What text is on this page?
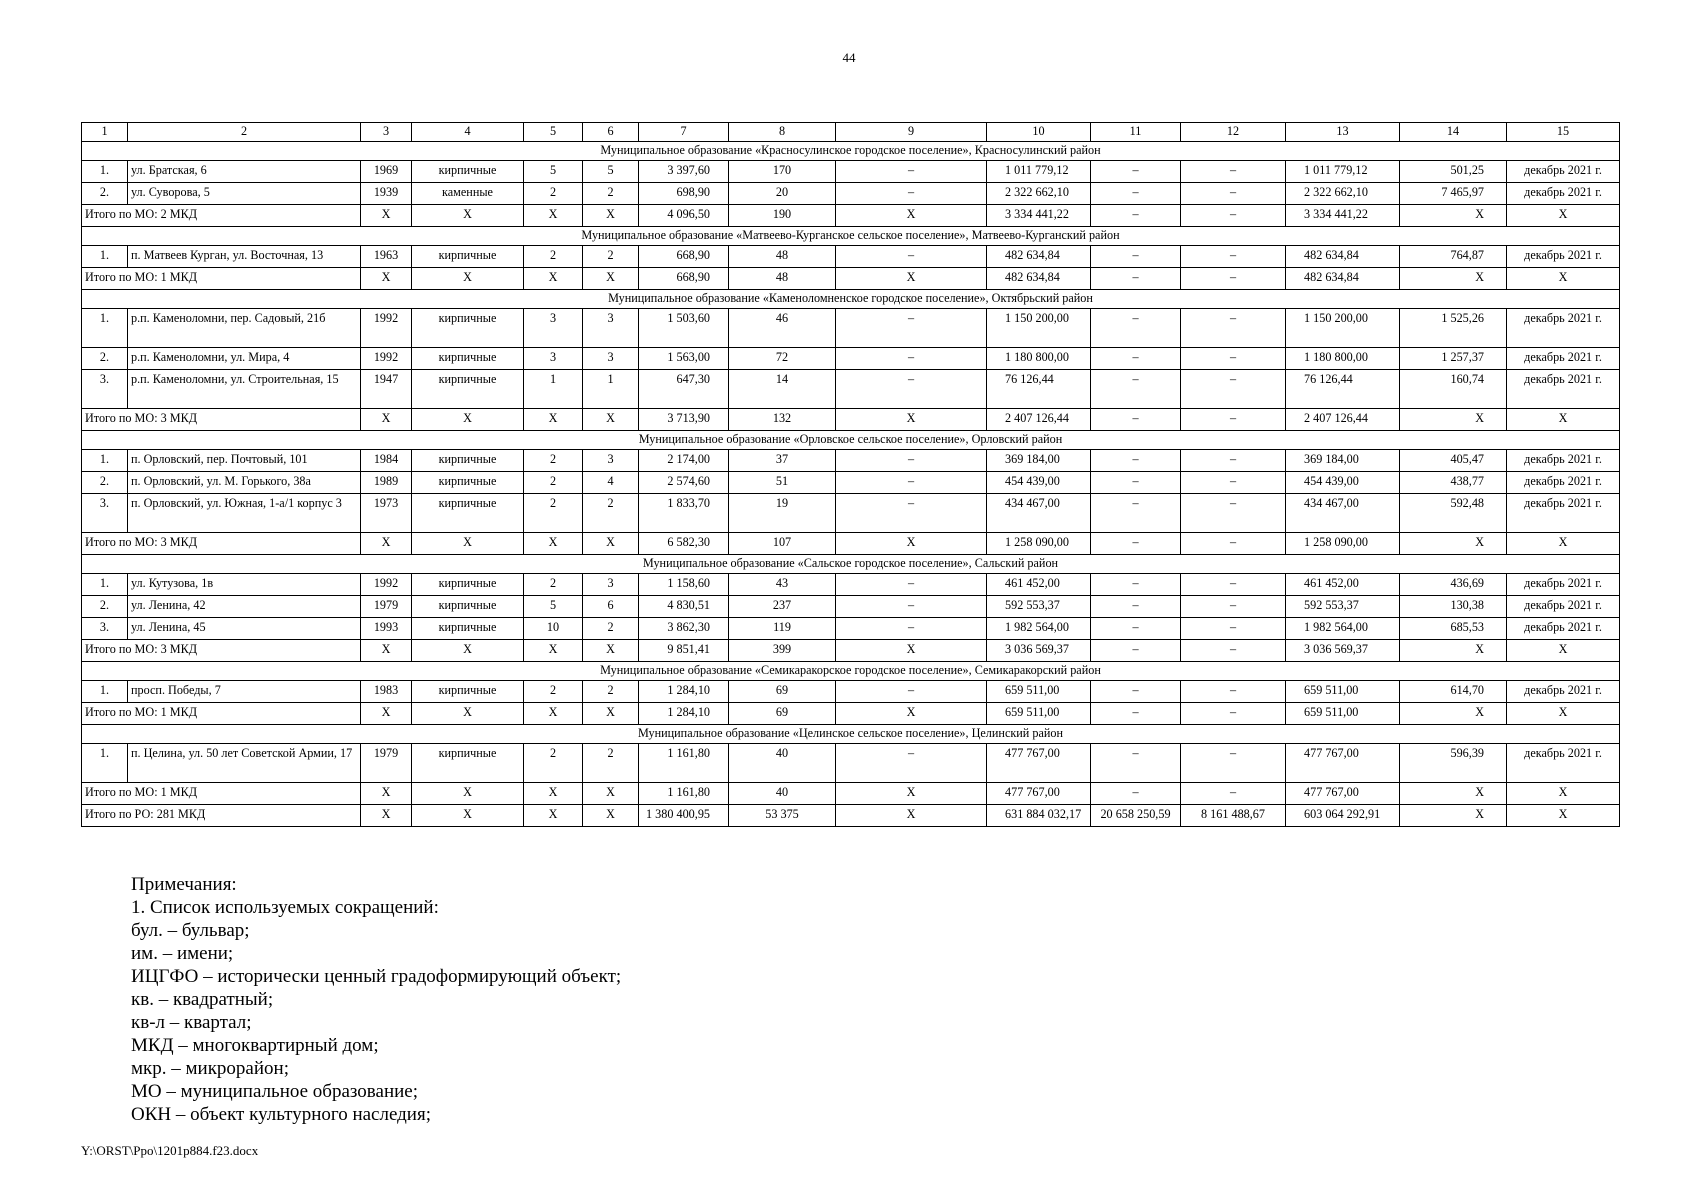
44
1	2	3	4	5	6	7	8	9	10	11	12	13	14	15
Муниципальное образование «Красносулинское городское поселение», Красносулинский район														
1.	ул. Братская, 6	1969	кирпичные	5	5	3 397,60	170	–	1 011 779,12	–	–	1 011 779,12	501,25	декабрь 2021 г.
2.	ул. Суворова, 5	1939	каменные	2	2	698,90	20	–	2 322 662,10	–	–	2 322 662,10	7 465,97	декабрь 2021 г.
Итого по МО: 2 МКД		X	X	X	X	4 096,50	190	X	3 334 441,22	–	–	3 334 441,22	X	X
Муниципальное образование «Матвеево-Курганское сельское поселение», Матвеево-Курганский район														
1.	п. Матвеев Курган, ул. Восточная, 13	1963	кирпичные	2	2	668,90	48	–	482 634,84	–	–	482 634,84	764,87	декабрь 2021 г.
Итого по МО: 1 МКД		X	X	X	X	668,90	48	X	482 634,84	–	–	482 634,84	X	X
Муниципальное образование «Каменоломненское городское поселение», Октябрьский район														
1.	р.п. Каменоломни, пер. Садовый, 21б	1992	кирпичные	3	3	1 503,60	46	–	1 150 200,00	–	–	1 150 200,00	1 525,26	декабрь 2021 г.
2.	р.п. Каменоломни, ул. Мира, 4	1992	кирпичные	3	3	1 563,00	72	–	1 180 800,00	–	–	1 180 800,00	1 257,37	декабрь 2021 г.
3.	р.п. Каменоломни, ул. Строительная, 15	1947	кирпичные	1	1	647,30	14	–	76 126,44	–	–	76 126,44	160,74	декабрь 2021 г.
Итого по МО: 3 МКД		X	X	X	X	3 713,90	132	X	2 407 126,44	–	–	2 407 126,44	X	X
Муниципальное образование «Орловское сельское поселение», Орловский район														
1.	п. Орловский, пер. Почтовый, 101	1984	кирпичные	2	3	2 174,00	37	–	369 184,00	–	–	369 184,00	405,47	декабрь 2021 г.
2.	п. Орловский, ул. М. Горького, 38а	1989	кирпичные	2	4	2 574,60	51	–	454 439,00	–	–	454 439,00	438,77	декабрь 2021 г.
3.	п. Орловский, ул. Южная, 1-а/1 корпус 3	1973	кирпичные	2	2	1 833,70	19	–	434 467,00	–	–	434 467,00	592,48	декабрь 2021 г.
Итого по МО: 3 МКД		X	X	X	X	6 582,30	107	X	1 258 090,00	–	–	1 258 090,00	X	X
Муниципальное образование «Сальское городское поселение», Сальский район														
1.	ул. Кутузова, 1в	1992	кирпичные	2	3	1 158,60	43	–	461 452,00	–	–	461 452,00	436,69	декабрь 2021 г.
2.	ул. Ленина, 42	1979	кирпичные	5	6	4 830,51	237	–	592 553,37	–	–	592 553,37	130,38	декабрь 2021 г.
3.	ул. Ленина, 45	1993	кирпичные	10	2	3 862,30	119	–	1 982 564,00	–	–	1 982 564,00	685,53	декабрь 2021 г.
Итого по МО: 3 МКД		X	X	X	X	9 851,41	399	X	3 036 569,37	–	–	3 036 569,37	X	X
Муниципальное образование «Семикаракорское городское поселение», Семикаракорский район														
1.	просп. Победы, 7	1983	кирпичные	2	2	1 284,10	69	–	659 511,00	–	–	659 511,00	614,70	декабрь 2021 г.
Итого по МО: 1 МКД		X	X	X	X	1 284,10	69	X	659 511,00	–	–	659 511,00	X	X
Муниципальное образование «Целинское сельское поселение», Целинский район														
1.	п. Целина, ул. 50 лет Советской Армии, 17	1979	кирпичные	2	2	1 161,80	40	–	477 767,00	–	–	477 767,00	596,39	декабрь 2021 г.
Итого по МО: 1 МКД		X	X	X	X	1 161,80	40	X	477 767,00	–	–	477 767,00	X	X
Итого по РО: 281 МКД		X	X	X	X	1 380 400,95	53 375	X	631 884 032,17	20 658 250,59	8 161 488,67	603 064 292,91	X	X
Примечания:
1. Список используемых сокращений:
бул. – бульвар;
им. – имени;
ИЦГФО – исторически ценный градоформирующий объект;
кв. – квадратный;
кв-л – квартал;
МКД – многоквартирный дом;
мкр. – микрорайон;
МО – муниципальное образование;
ОКН – объект культурного наследия;
Y:\ORST\Ppo\1201p884.f23.docx
